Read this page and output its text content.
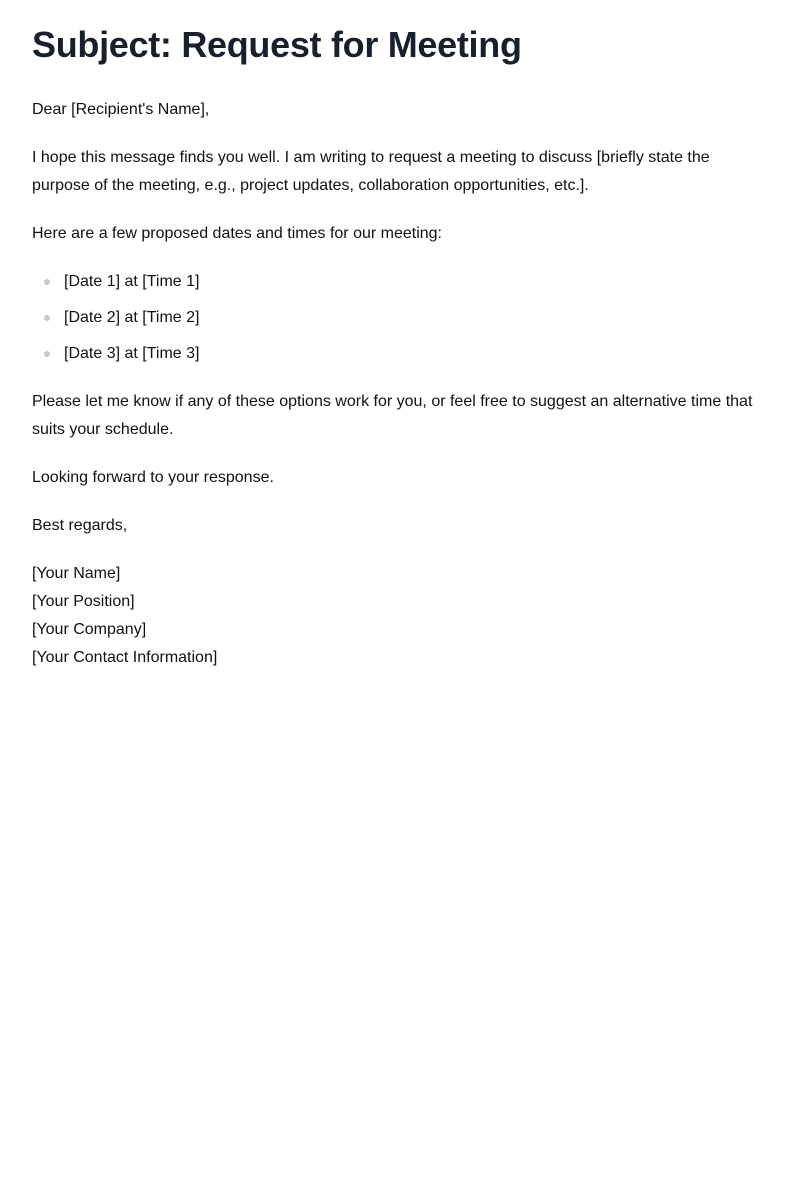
Subject: Request for Meeting

Dear [Recipient's Name],

I hope this message finds you well. I am writing to request a meeting to discuss [briefly state the purpose of the meeting, e.g., project updates, collaboration opportunities, etc.].

Here are a few proposed dates and times for our meeting:

[Date 1] at [Time 1]
[Date 2] at [Time 2]
[Date 3] at [Time 3]

Please let me know if any of these options work for you, or feel free to suggest an alternative time that suits your schedule.

Looking forward to your response.

Best regards,

[Your Name]
[Your Position]
[Your Company]
[Your Contact Information]
